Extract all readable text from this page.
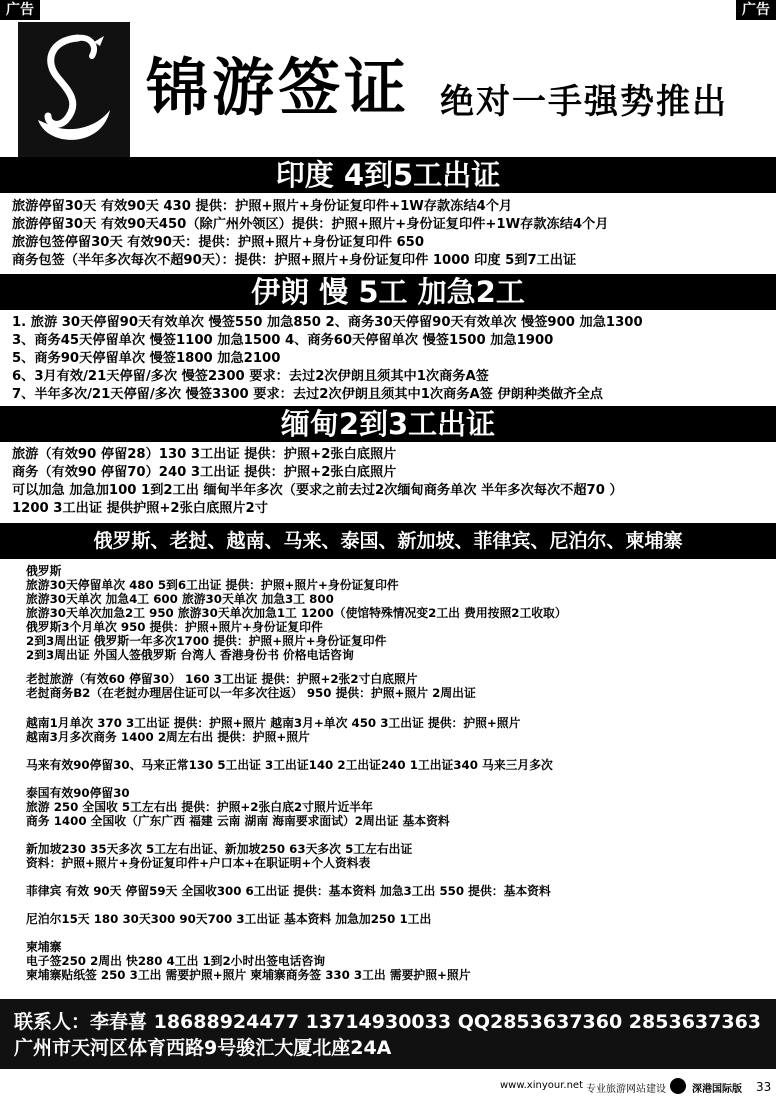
广告	广告
锦游签证 绝对一手强势推出
印度 4到5工出证
旅游停留30天 有效90天 430 提供：护照+照片+身份证复印件+1W存款冻结4个月
旅游停留30天 有效90天450（除广州外领区）提供：护照+照片+身份证复印件+1W存款冻结4个月
旅游包签停留30天 有效90天：提供：护照+照片+身份证复印件 650
商务包签（半年多次每次不超90天）：提供：护照+照片+身份证复印件 1000 印度 5到7工出证
伊朗 慢 5工 加急2工
1. 旅游 30天停留90天有效单次 慢签550 加急850 2、商务30天停留90天有效单次 慢签900 加急1300
3、商务45天停留单次 慢签1100 加急1500 4、商务60天停留单次 慢签1500 加急1900
5、商务90天停留单次 慢签1800 加急2100
6、3月有效/21天停留/多次 慢签2300 要求：去过2次伊朗且须其中1次商务A签
7、半年多次/21天停留/多次 慢签3300 要求：去过2次伊朗且须其中1次商务A签 伊朗种类做齐全点
缅甸2到3工出证
旅游（有效90 停留28）130 3工出证 提供：护照+2张白底照片
商务（有效90 停留70）240 3工出证 提供：护照+2张白底照片
可以加急 加急加100 1到2工出 缅甸半年多次（要求之前去过2次缅甸商务单次 半年多次每次不超70 ）
1200 3工出证 提供护照+2张白底照片2寸
俄罗斯、老挝、越南、马来、泰国、新加坡、菲律宾、尼泊尔、柬埔寨
俄罗斯
旅游30天停留单次 480 5到6工出证 提供：护照+照片+身份证复印件
旅游30天单次 加急4工 600 旅游30天单次 加急3工 800
旅游30天单次加急2工 950 旅游30天单次加急1工 1200（使馆特殊情况变2工出 费用按照2工收取）
俄罗斯3个月单次 950 提供：护照+照片+身份证复印件
2到3周出证 俄罗斯一年多次1700 提供：护照+照片+身份证复印件
2到3周出证 外国人签俄罗斯 台湾人 香港身份书 价格电话咨询
老挝旅游（有效60 停留30） 160 3工出证 提供：护照+2张2寸白底照片
老挝商务B2（在老挝办理居住证可以一年多次往返） 950 提供：护照+照片 2周出证
越南1月单次 370 3工出证 提供：护照+照片 越南3月+单次 450 3工出证 提供：护照+照片
越南3月多次商务 1400 2周左右出 提供：护照+照片
马来有效90停留30、马来正常130 5工出证 3工出证140 2工出证240 1工出证340 马来三月多次
泰国有效90停留30
旅游 250 全国收 5工左右出 提供：护照+2张白底2寸照片近半年
商务 1400 全国收（广东广西 福建 云南 湖南 海南要求面试）2周出证 基本资料
新加坡230 35天多次 5工左右出证、新加坡250 63天多次 5工左右出证
资料：护照+照片+身份证复印件+户口本+在职证明+个人资料表
菲律宾 有效 90天 停留59天 全国收300 6工出证 提供：基本资料 加急3工出 550 提供：基本资料
尼泊尔15天 180 30天300 90天700 3工出证 基本资料 加急加250 1工出
柬埔寨
电子签250 2周出 快280 4工出 1到2小时出签电话咨询
柬埔寨贴纸签 250 3工出 需要护照+照片 柬埔寨商务签 330 3工出 需要护照+照片
联系人：李春喜 18688924477 13714930033 QQ2853637360 2853637363
广州市天河区体育西路9号骏汇大厦北座24A
www.xinyour.net 专业旅游网站建设	深港国际版 33
